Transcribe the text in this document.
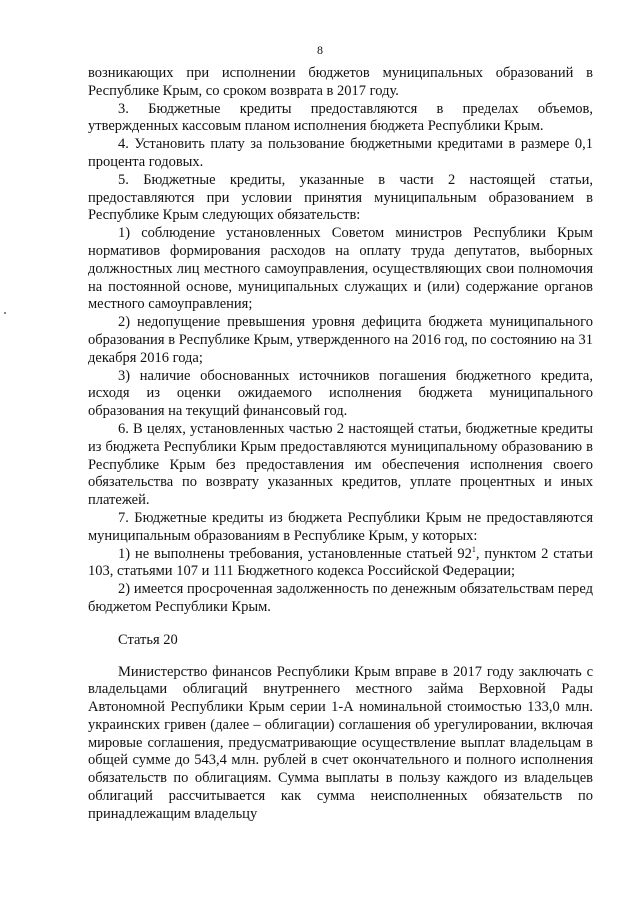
8

возникающих при исполнении бюджетов муниципальных образований в Республике Крым, со сроком возврата в 2017 году.

3. Бюджетные кредиты предоставляются в пределах объемов, утвержденных кассовым планом исполнения бюджета Республики Крым.

4. Установить плату за пользование бюджетными кредитами в размере 0,1 процента годовых.

5. Бюджетные кредиты, указанные в части 2 настоящей статьи, предоставляются при условии принятия муниципальным образованием в Республике Крым следующих обязательств:

1) соблюдение установленных Советом министров Республики Крым нормативов формирования расходов на оплату труда депутатов, выборных должностных лиц местного самоуправления, осуществляющих свои полномочия на постоянной основе, муниципальных служащих и (или) содержание органов местного самоуправления;

2) недопущение превышения уровня дефицита бюджета муниципального образования в Республике Крым, утвержденного на 2016 год, по состоянию на 31 декабря 2016 года;

3) наличие обоснованных источников погашения бюджетного кредита, исходя из оценки ожидаемого исполнения бюджета муниципального образования на текущий финансовый год.

6. В целях, установленных частью 2 настоящей статьи, бюджетные кредиты из бюджета Республики Крым предоставляются муниципальному образованию в Республике Крым без предоставления им обеспечения исполнения своего обязательства по возврату указанных кредитов, уплате процентных и иных платежей.

7. Бюджетные кредиты из бюджета Республики Крым не предоставляются муниципальным образованиям в Республике Крым, у которых:

1) не выполнены требования, установленные статьей $92^1$, пунктом 2 статьи 103, статьями 107 и 111 Бюджетного кодекса Российской Федерации;

2) имеется просроченная задолженность по денежным обязательствам перед бюджетом Республики Крым.

Статья 20

Министерство финансов Республики Крым вправе в 2017 году заключать с владельцами облигаций внутреннего местного займа Верховной Рады Автономной Республики Крым серии 1-А номинальной стоимостью 133,0 млн. украинских гривен (далее – облигации) соглашения об урегулировании, включая мировые соглашения, предусматривающие осуществление выплат владельцам в общей сумме до 543,4 млн. рублей в счет окончательного и полного исполнения обязательств по облигациям. Сумма выплаты в пользу каждого из владельцев облигаций рассчитывается как сумма неисполненных обязательств по принадлежащим владельцу
